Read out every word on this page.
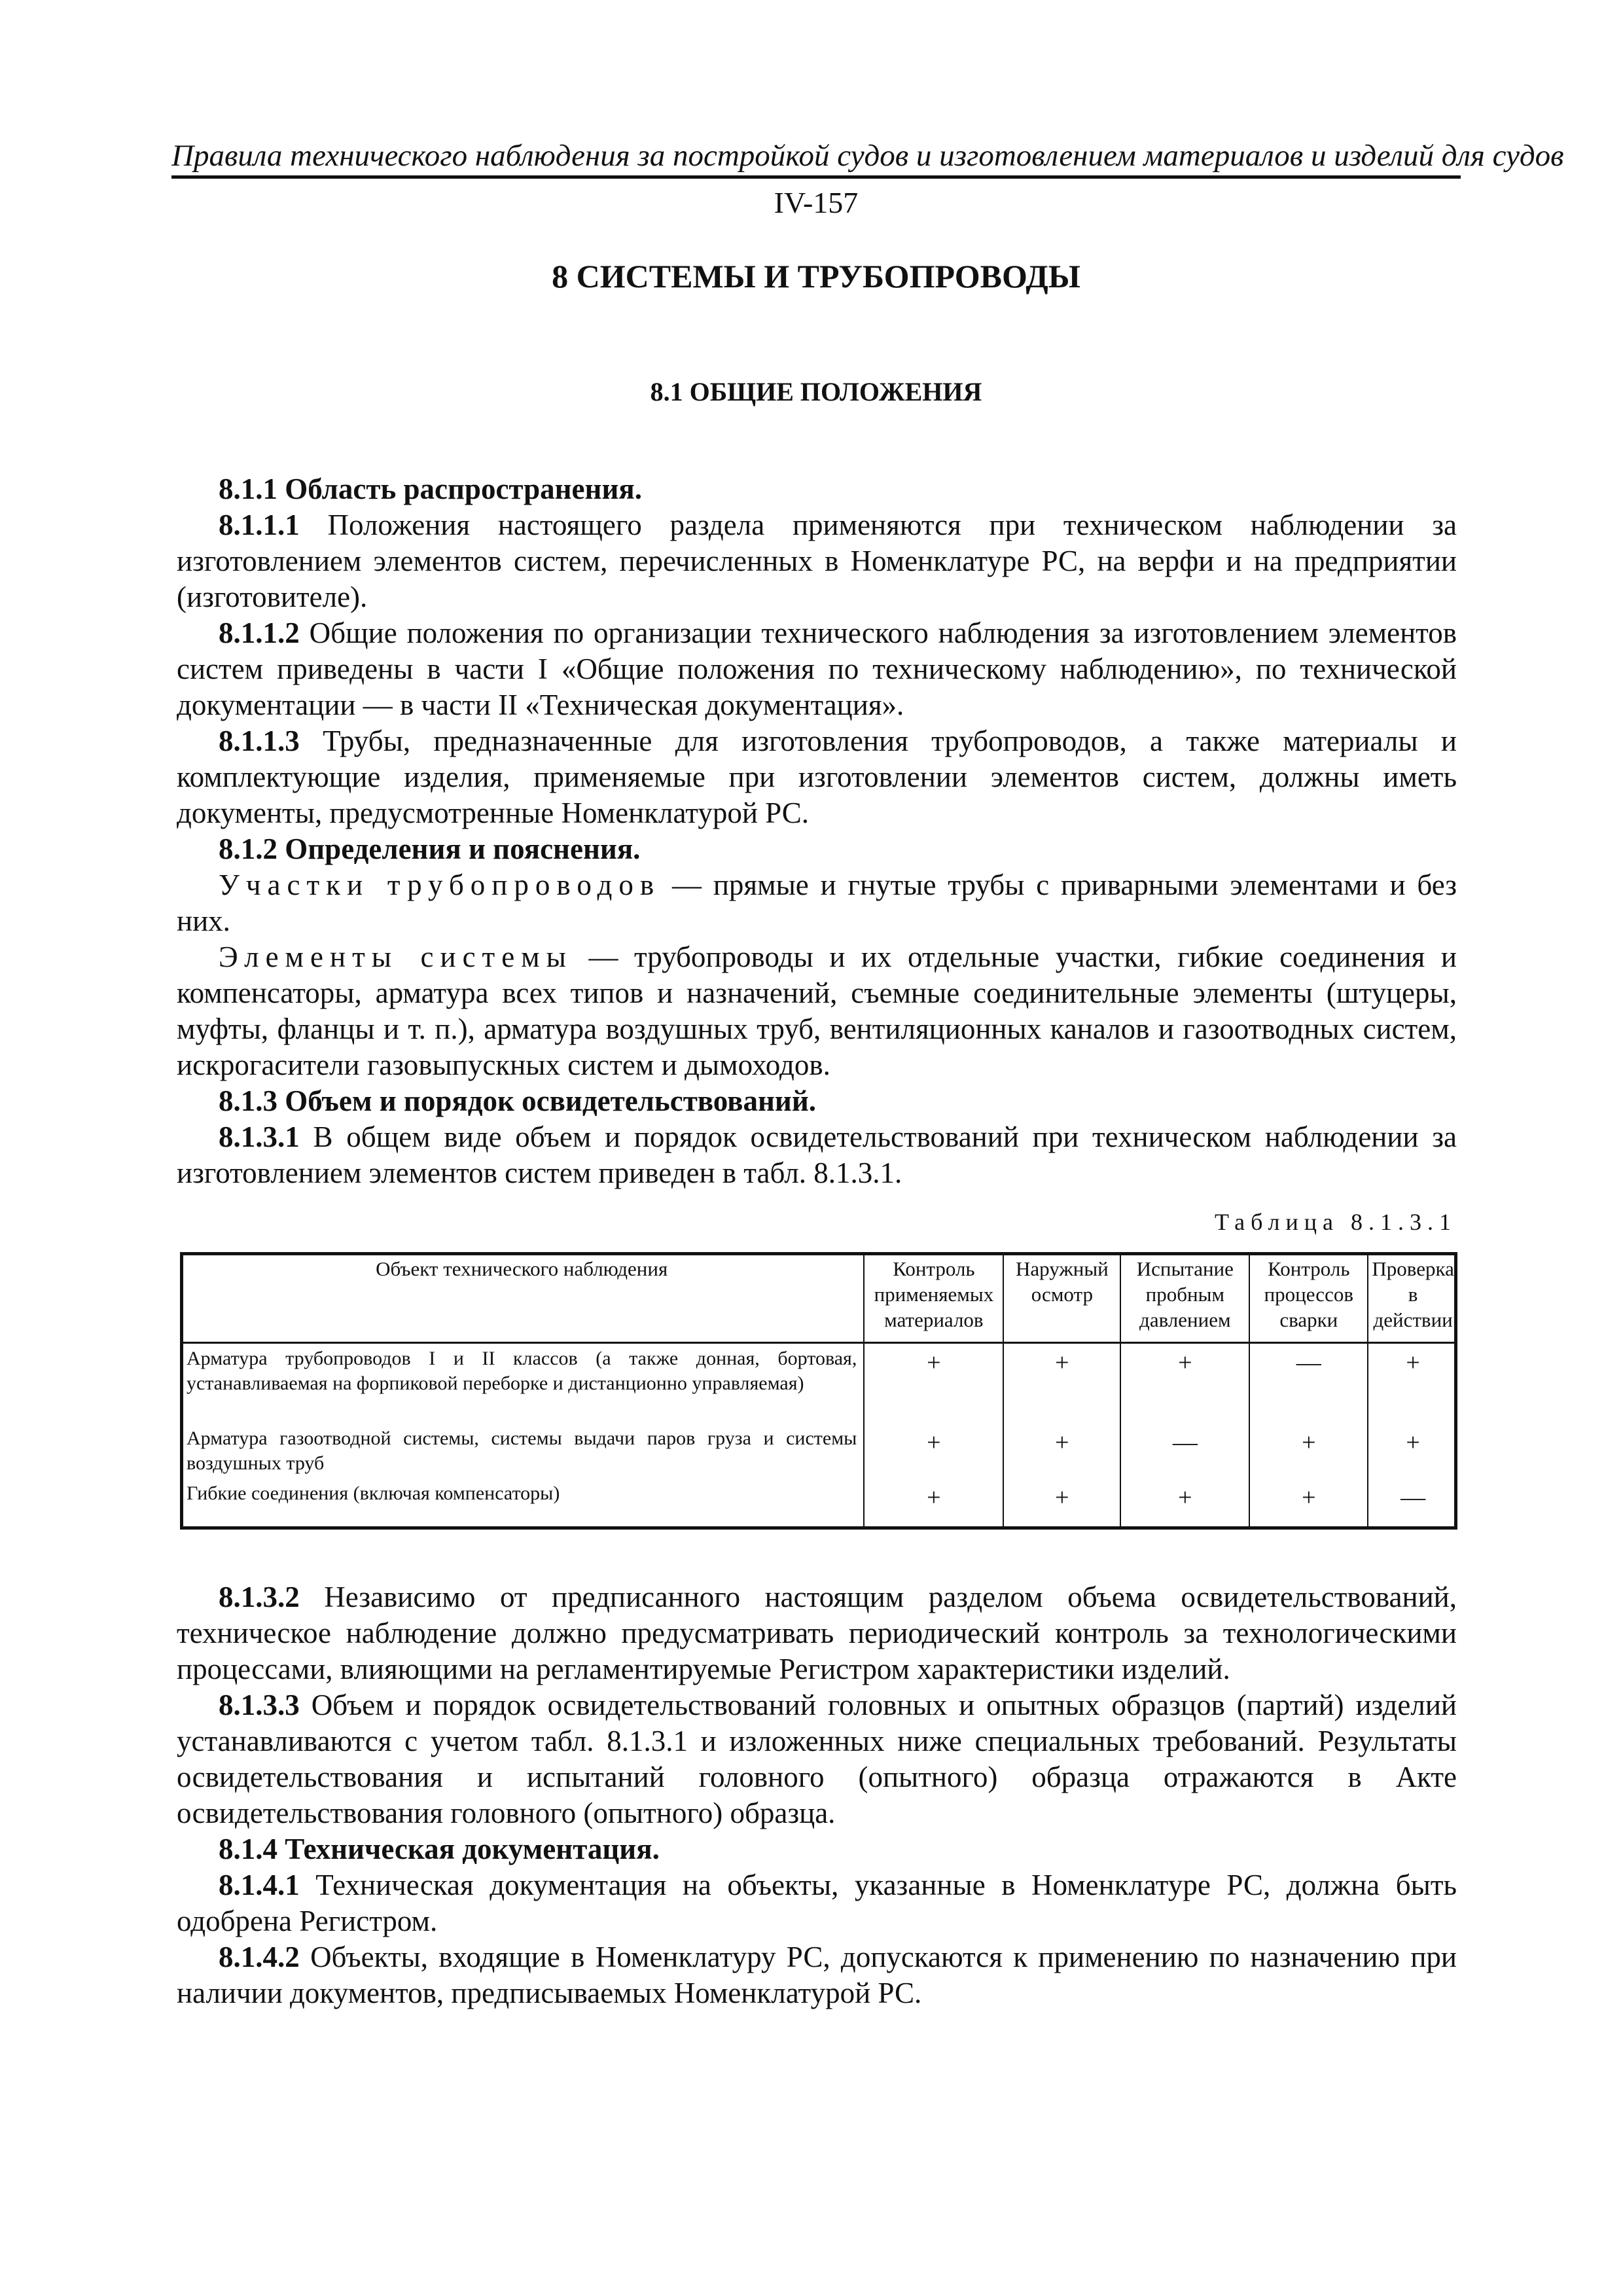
Правила технического наблюдения за постройкой судов и изготовлением материалов и изделий для судов
IV-157
8 СИСТЕМЫ И ТРУБОПРОВОДЫ
8.1 ОБЩИЕ ПОЛОЖЕНИЯ

8.1.1 Область распространения.

8.1.1.1 Положения настоящего раздела применяются при техническом наблюдении за изготовлением элементов систем, перечисленных в Номенклатуре РС, на верфи и на предприятии (изготовителе).

8.1.1.2 Общие положения по организации технического наблюдения за изготовлением элементов систем приведены в части I «Общие положения по техническому наблюдению», по технической документации — в части II «Техническая документация».

8.1.1.3 Трубы, предназначенные для изготовления трубопроводов, а также материалы и комплектующие изделия, применяемые при изготовлении элементов систем, должны иметь документы, предусмотренные Номенклатурой РС.

8.1.2 Определения и пояснения.

Участки трубопроводов — прямые и гнутые трубы с приварными элементами и без них.

Элементы системы — трубопроводы и их отдельные участки, гибкие соединения и компенсаторы, арматура всех типов и назначений, съемные соединительные элементы (штуцеры, муфты, фланцы и т. п.), арматура воздушных труб, вентиляционных каналов и газоотводных систем, искрогасители газовыпускных систем и дымоходов.

8.1.3 Объем и порядок освидетельствований.

8.1.3.1 В общем виде объем и порядок освидетельствований при техническом наблюдении за изготовлением элементов систем приведен в табл. 8.1.3.1.

Таблица 8.1.3.1
Объект технического наблюдения	Контроль применяемых материалов	Наружный осмотр	Испытание пробным давлением	Контроль процессов сварки	Проверка в действии
Арматура трубопроводов I и II классов (а также донная, бортовая, устанавливаемая на форпиковой переборке и дистанционно управляемая)	+	+	+	—	+
Арматура газоотводной системы, системы выдачи паров груза и системы воздушных труб	+	+	—	+	+
Гибкие соединения (включая компенсаторы)	+	+	+	+	—

8.1.3.2 Независимо от предписанного настоящим разделом объема освидетельствований, техническое наблюдение должно предусматривать периодический контроль за технологическими процессами, влияющими на регламентируемые Регистром характеристики изделий.

8.1.3.3 Объем и порядок освидетельствований головных и опытных образцов (партий) изделий устанавливаются с учетом табл. 8.1.3.1 и изложенных ниже специальных требований. Результаты освидетельствования и испытаний головного (опытного) образца отражаются в Акте освидетельствования головного (опытного) образца.

8.1.4 Техническая документация.

8.1.4.1 Техническая документация на объекты, указанные в Номенклатуре РС, должна быть одобрена Регистром.

8.1.4.2 Объекты, входящие в Номенклатуру РС, допускаются к применению по назначению при наличии документов, предписываемых Номенклатурой РС.
